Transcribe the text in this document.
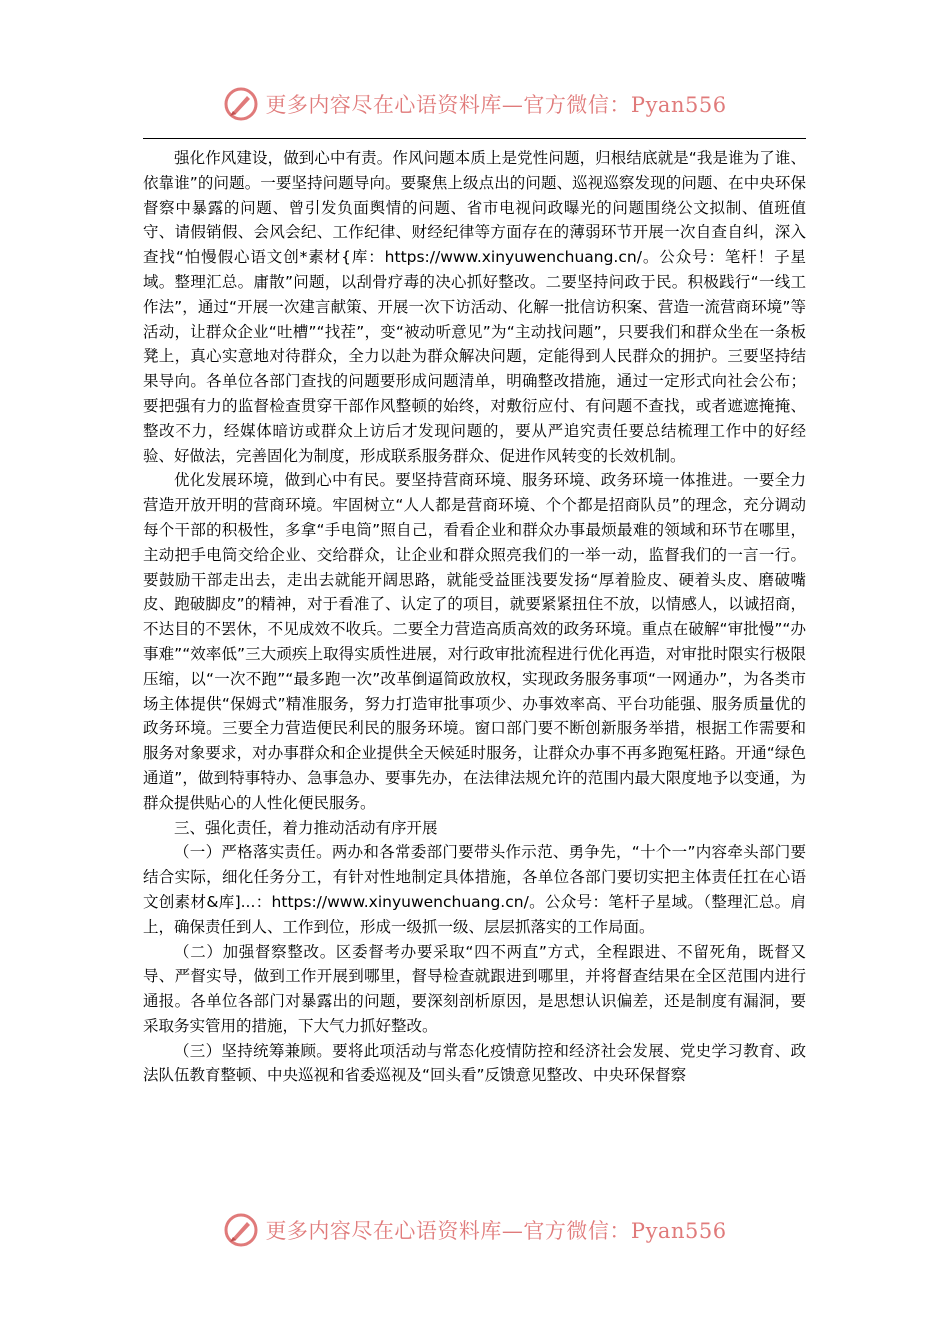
更多内容尽在心语资料库—官方微信：Pyan556

强化作风建设，做到心中有责。作风问题本质上是党性问题，归根结底就是“我是谁为了谁、依靠谁”的问题。一要坚持问题导向。要聚焦上级点出的问题、巡视巡察发现的问题、在中央环保督察中暴露的问题、曾引发负面舆情的问题、省市电视问政曝光的问题围绕公文拟制、值班值守、请假销假、会风会纪、工作纪律、财经纪律等方面存在的薄弱环节开展一次自查自纠，深入查找“怕慢假心语文创*素材{库：https://www.xinyuwenchuang.cn/。公众号：笔杆！子星域。整理汇总。庸散”问题，以刮骨疗毒的决心抓好整改。二要坚持问政于民。积极践行“一线工作法”，通过“开展一次建言献策、开展一次下访活动、化解一批信访积案、营造一流营商环境”等活动，让群众企业“吐槽”“找茬”，变“被动听意见”为“主动找问题”，只要我们和群众坐在一条板凳上，真心实意地对待群众，全力以赴为群众解决问题，定能得到人民群众的拥护。三要坚持结果导向。各单位各部门查找的问题要形成问题清单，明确整改措施，通过一定形式向社会公布；要把强有力的监督检查贯穿干部作风整顿的始终，对敷衍应付、有问题不查找，或者遮遮掩掩、整改不力，经媒体暗访或群众上访后才发现问题的，要从严追究责任要总结梳理工作中的好经验、好做法，完善固化为制度，形成联系服务群众、促进作风转变的长效机制。

优化发展环境，做到心中有民。要坚持营商环境、服务环境、政务环境一体推进。一要全力营造开放开明的营商环境。牢固树立“人人都是营商环境、个个都是招商队员”的理念，充分调动每个干部的积极性，多拿“手电筒”照自己，看看企业和群众办事最烦最难的领域和环节在哪里，主动把手电筒交给企业、交给群众，让企业和群众照亮我们的一举一动，监督我们的一言一行。要鼓励干部走出去，走出去就能开阔思路，就能受益匪浅要发扬“厚着脸皮、硬着头皮、磨破嘴皮、跑破脚皮”的精神，对于看准了、认定了的项目，就要紧紧扭住不放，以情感人，以诚招商，不达目的不罢休，不见成效不收兵。二要全力营造高质高效的政务环境。重点在破解“审批慢”“办事难”“效率低”三大顽疾上取得实质性进展，对行政审批流程进行优化再造，对审批时限实行极限压缩，以“一次不跑”“最多跑一次”改革倒逼简政放权，实现政务服务事项“一网通办”，为各类市场主体提供“保姆式”精准服务，努力打造审批事项少、办事效率高、平台功能强、服务质量优的政务环境。三要全力营造便民利民的服务环境。窗口部门要不断创新服务举措，根据工作需要和服务对象要求，对办事群众和企业提供全天候延时服务，让群众办事不再多跑冤枉路。开通“绿色通道”，做到特事特办、急事急办、要事先办，在法律法规允许的范围内最大限度地予以变通，为群众提供贴心的人性化便民服务。

三、强化责任，着力推动活动有序开展

（一）严格落实责任。两办和各常委部门要带头作示范、勇争先，“十个一”内容牵头部门要结合实际，细化任务分工，有针对性地制定具体措施，各单位各部门要切实把主体责任扛在心语文创素材&库]...：https://www.xinyuwenchuang.cn/。公众号：笔杆子星域。（整理汇总。肩上，确保责任到人、工作到位，形成一级抓一级、层层抓落实的工作局面。

（二）加强督察整改。区委督考办要采取“四不两直”方式，全程跟进、不留死角，既督又导、严督实导，做到工作开展到哪里，督导检查就跟进到哪里，并将督查结果在全区范围内进行通报。各单位各部门对暴露出的问题，要深刻剖析原因，是思想认识偏差，还是制度有漏洞，要采取务实管用的措施，下大气力抓好整改。

（三）坚持统筹兼顾。要将此项活动与常态化疫情防控和经济社会发展、党史学习教育、政法队伍教育整顿、中央巡视和省委巡视及“回头看”反馈意见整改、中央环保督察

更多内容尽在心语资料库—官方微信：Pyan556
